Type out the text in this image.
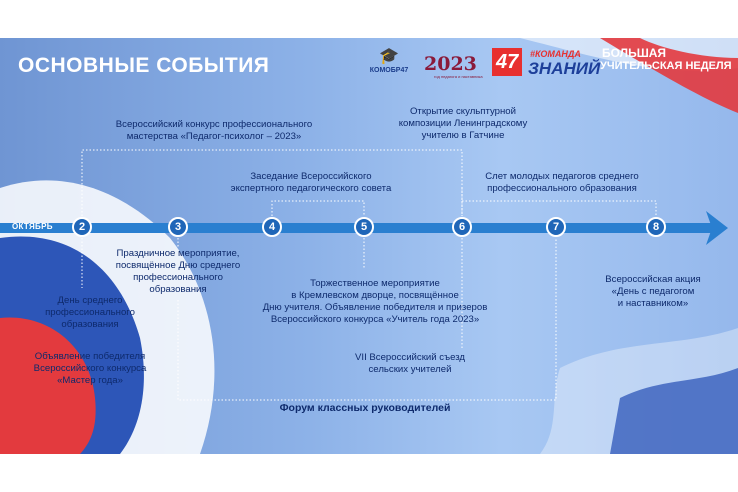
ОСНОВНЫЕ СОБЫТИЯ	🎓
КОМОБР47 2023
год педагога и наставника
47	#КОМАНДА
ЗНАНИЙ
БОЛЬШАЯ
УЧИТЕЛЬСКАЯ НЕДЕЛЯ
ОКТЯБРЬ	2	3	4	5	6	7	8
Всероссийский конкурс профессионального
мастерства «Педагог-психолог – 2023»
Открытие скульптурной
композиции Ленинградскому
учителю в Гатчине
Заседание Всероссийского
экспертного педагогического совета
Слет молодых педагогов среднего
профессионального образования
Праздничное мероприятие,
посвящённое Дню среднего
профессионального
образования
День среднего
профессионального
образования
Объявление победителя
Всероссийского конкурса
«Мастер года»
Торжественное мероприятие
в Кремлевском дворце, посвящённое
Дню учителя. Объявление победителя и призеров
Всероссийского конкурса «Учитель года 2023»
VII Всероссийский съезд
сельских учителей
Всероссийская акция
«День с педагогом
и наставником»
Форум классных руководителей
